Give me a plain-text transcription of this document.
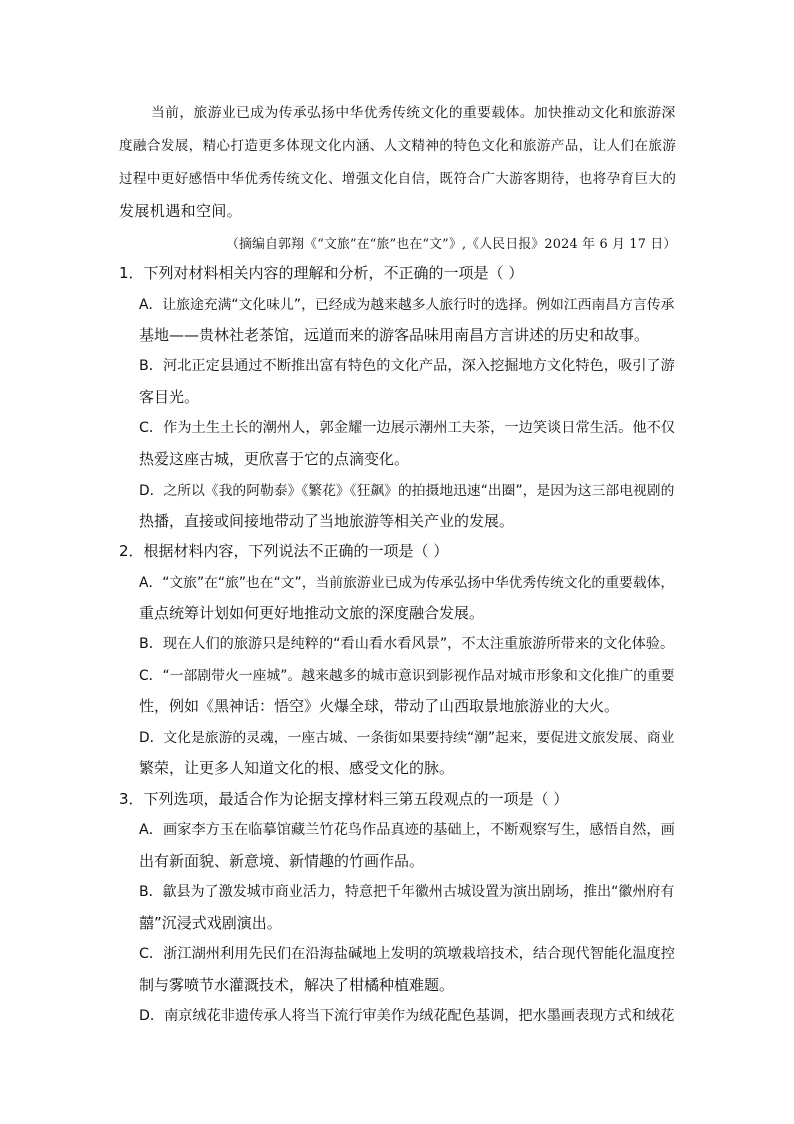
当前，旅游业已成为传承弘扬中华优秀传统文化的重要载体。加快推动文化和旅游深

度融合发展，精心打造更多体现文化内涵、人文精神的特色文化和旅游产品，让人们在旅游

过程中更好感悟中华优秀传统文化、增强文化自信，既符合广大游客期待，也将孕育巨大的

发展机遇和空间。

（摘编自郭翔《“文旅”在“旅”也在“文”》,《人民日报》2024 年 6 月 17 日）

1．下列对材料相关内容的理解和分析，不正确的一项是（ ）

A．让旅途充满“文化味儿”，已经成为越来越多人旅行时的选择。例如江西南昌方言传承

基地——贵林社老茶馆，远道而来的游客品味用南昌方言讲述的历史和故事。

B．河北正定县通过不断推出富有特色的文化产品，深入挖掘地方文化特色，吸引了游

客目光。

C．作为土生土长的潮州人，郭金耀一边展示潮州工夫茶，一边笑谈日常生活。他不仅

热爱这座古城，更欣喜于它的点滴变化。

D．之所以《我的阿勒泰》《繁花》《狂飙》的拍摄地迅速“出圈”，是因为这三部电视剧的

热播，直接或间接地带动了当地旅游等相关产业的发展。

2．根据材料内容，下列说法不正确的一项是（ ）

A．“文旅”在“旅”也在“文”，当前旅游业已成为传承弘扬中华优秀传统文化的重要载体，

重点统筹计划如何更好地推动文旅的深度融合发展。

B．现在人们的旅游只是纯粹的“看山看水看风景”，不太注重旅游所带来的文化体验。

C．“一部剧带火一座城”。越来越多的城市意识到影视作品对城市形象和文化推广的重要

性，例如《黑神话：悟空》火爆全球，带动了山西取景地旅游业的大火。

D．文化是旅游的灵魂，一座古城、一条街如果要持续“潮”起来，要促进文旅发展、商业

繁荣，让更多人知道文化的根、感受文化的脉。

3．下列选项，最适合作为论据支撑材料三第五段观点的一项是（ ）

A．画家李方玉在临摹馆藏兰竹花鸟作品真迹的基础上，不断观察写生，感悟自然，画

出有新面貌、新意境、新情趣的竹画作品。

B．歙县为了激发城市商业活力，特意把千年徽州古城设置为演出剧场，推出“徽州府有

囍”沉浸式戏剧演出。

C．浙江湖州利用先民们在沿海盐碱地上发明的筑墩栽培技术，结合现代智能化温度控

制与雾喷节水灌溉技术，解决了柑橘种植难题。

D．南京绒花非遗传承人将当下流行审美作为绒花配色基调，把水墨画表现方式和绒花
